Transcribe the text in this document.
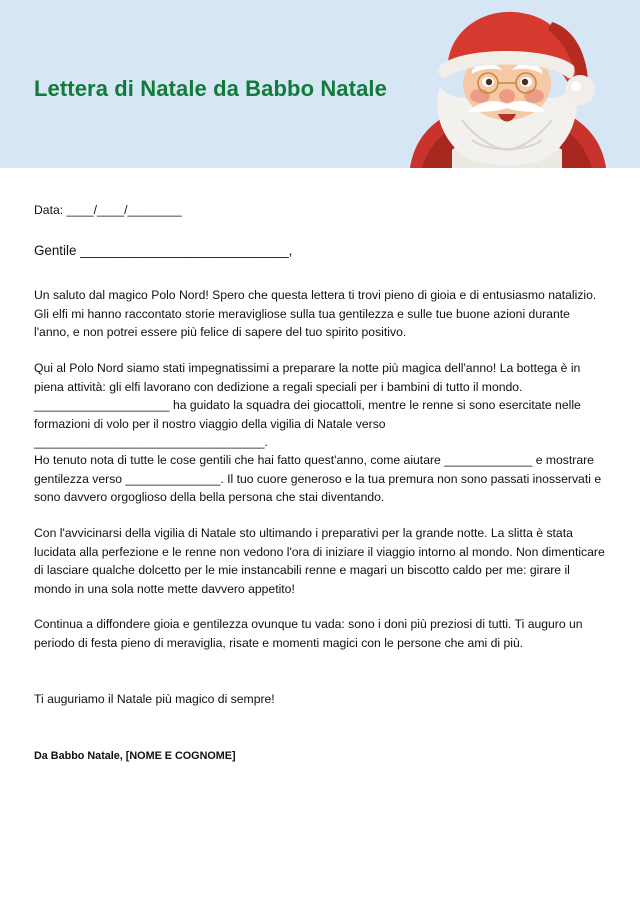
Lettera di Natale da Babbo Natale

Data: ____/____/________

Gentile ____________________________,

Un saluto dal magico Polo Nord! Spero che questa lettera ti trovi pieno di gioia e di entusiasmo natalizio. Gli elfi mi hanno raccontato storie meravigliose sulla tua gentilezza e sulle tue buone azioni durante l'anno, e non potrei essere più felice di sapere del tuo spirito positivo.

Qui al Polo Nord siamo stati impegnatissimi a preparare la notte più magica dell'anno! La bottega è in piena attività: gli elfi lavorano con dedizione a regali speciali per i bambini di tutto il mondo. ____________________ ha guidato la squadra dei giocattoli, mentre le renne si sono esercitate nelle formazioni di volo per il nostro viaggio della vigilia di Natale verso __________________________________.

Ho tenuto nota di tutte le cose gentili che hai fatto quest'anno, come aiutare _____________ e mostrare gentilezza verso ______________. Il tuo cuore generoso e la tua premura non sono passati inosservati e sono davvero orgoglioso della bella persona che stai diventando.

Con l'avvicinarsi della vigilia di Natale sto ultimando i preparativi per la grande notte. La slitta è stata lucidata alla perfezione e le renne non vedono l'ora di iniziare il viaggio intorno al mondo. Non dimenticare di lasciare qualche dolcetto per le mie instancabili renne e magari un biscotto caldo per me: girare il mondo in una sola notte mette davvero appetito!

Continua a diffondere gioia e gentilezza ovunque tu vada: sono i doni più preziosi di tutti. Ti auguro un periodo di festa pieno di meraviglia, risate e momenti magici con le persone che ami di più.

Ti auguriamo il Natale più magico di sempre!

Da Babbo Natale, [NOME E COGNOME]
